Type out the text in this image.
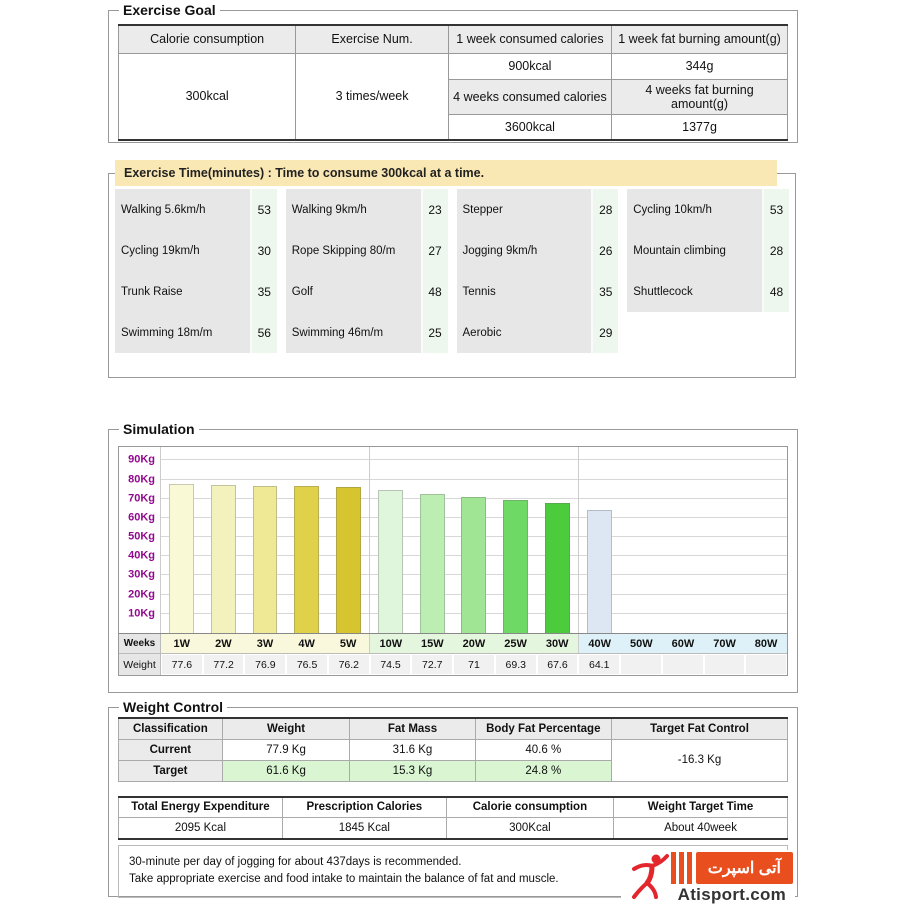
Exercise Goal
Calorie consumption	Exercise Num.	1 week consumed calories	1 week fat burning amount(g)
300kcal	3 times/week	900kcal	344g
		4 weeks consumed calories	4 weeks fat burning amount(g)
		3600kcal	1377g
Exercise Time(minutes) : Time to consume 300kcal at a time.
Walking 5.6km/h	53
Cycling 19km/h	30
Trunk Raise	35
Swimming 18m/m	56
Walking 9km/h	23
Rope Skipping 80/m	27
Golf	48
Swimming 46m/m	25
Stepper	28
Jogging 9km/h	26
Tennis	35
Aerobic	29
Cycling 10km/h	53
Mountain climbing	28
Shuttlecock	48
Simulation
10Kg
20Kg
30Kg
40Kg
50Kg
60Kg
70Kg
80Kg
90Kg
Weeks	1W	2W	3W	4W	5W	10W	15W	20W	25W	30W	40W	50W	60W	70W	80W
Weight	77.6	77.2	76.9	76.5	76.2	74.5	72.7	71	69.3	67.6	64.1
Weight Control
Classification	Weight	Fat Mass	Body Fat Percentage	Target Fat Control
Current	77.9 Kg	31.6 Kg	40.6 %	-16.3 Kg
Target	61.6 Kg	15.3 Kg	24.8 %	
Total Energy Expenditure	Prescription Calories	Calorie consumption	Weight Target Time
2095 Kcal	1845 Kcal	300Kcal	About 40week
30-minute per day of jogging for about 437days is recommended.
Take appropriate exercise and food intake to maintain the balance of fat and muscle.
آتی اسپرت
Atisport.com
